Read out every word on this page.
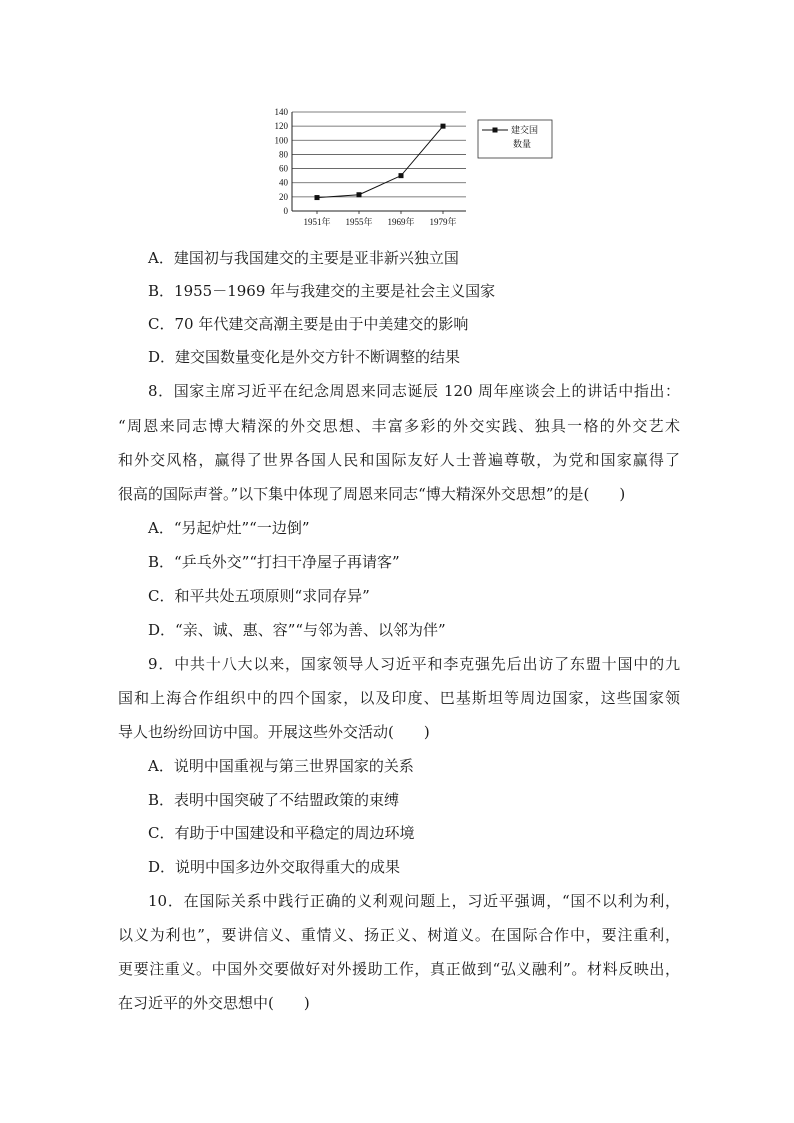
0
20
40
60
80
100
120
140
1951年 1955年 1969年 1979年
建交国
数量
A．建国初与我国建交的主要是亚非新兴独立国
B．1955－1969 年与我建交的主要是社会主义国家
C．70 年代建交高潮主要是由于中美建交的影响
D．建交国数量变化是外交方针不断调整的结果
8．国家主席习近平在纪念周恩来同志诞辰 120 周年座谈会上的讲话中指出：
“周恩来同志博大精深的外交思想、丰富多彩的外交实践、独具一格的外交艺术
和外交风格，赢得了世界各国人民和国际友好人士普遍尊敬，为党和国家赢得了
很高的国际声誉。”以下集中体现了周恩来同志“博大精深外交思想”的是(　　)
A．“另起炉灶”“一边倒”
B．“乒乓外交”“打扫干净屋子再请客”
C．和平共处五项原则“求同存异”
D．“亲、诚、惠、容”“与邻为善、以邻为伴”
9．中共十八大以来，国家领导人习近平和李克强先后出访了东盟十国中的九
国和上海合作组织中的四个国家，以及印度、巴基斯坦等周边国家，这些国家领
导人也纷纷回访中国。开展这些外交活动(　　)
A．说明中国重视与第三世界国家的关系
B．表明中国突破了不结盟政策的束缚
C．有助于中国建设和平稳定的周边环境
D．说明中国多边外交取得重大的成果
10．在国际关系中践行正确的义利观问题上，习近平强调，“国不以利为利，
以义为利也”，要讲信义、重情义、扬正义、树道义。在国际合作中，要注重利，
更要注重义。中国外交要做好对外援助工作，真正做到“弘义融利”。材料反映出，
在习近平的外交思想中(　　)
